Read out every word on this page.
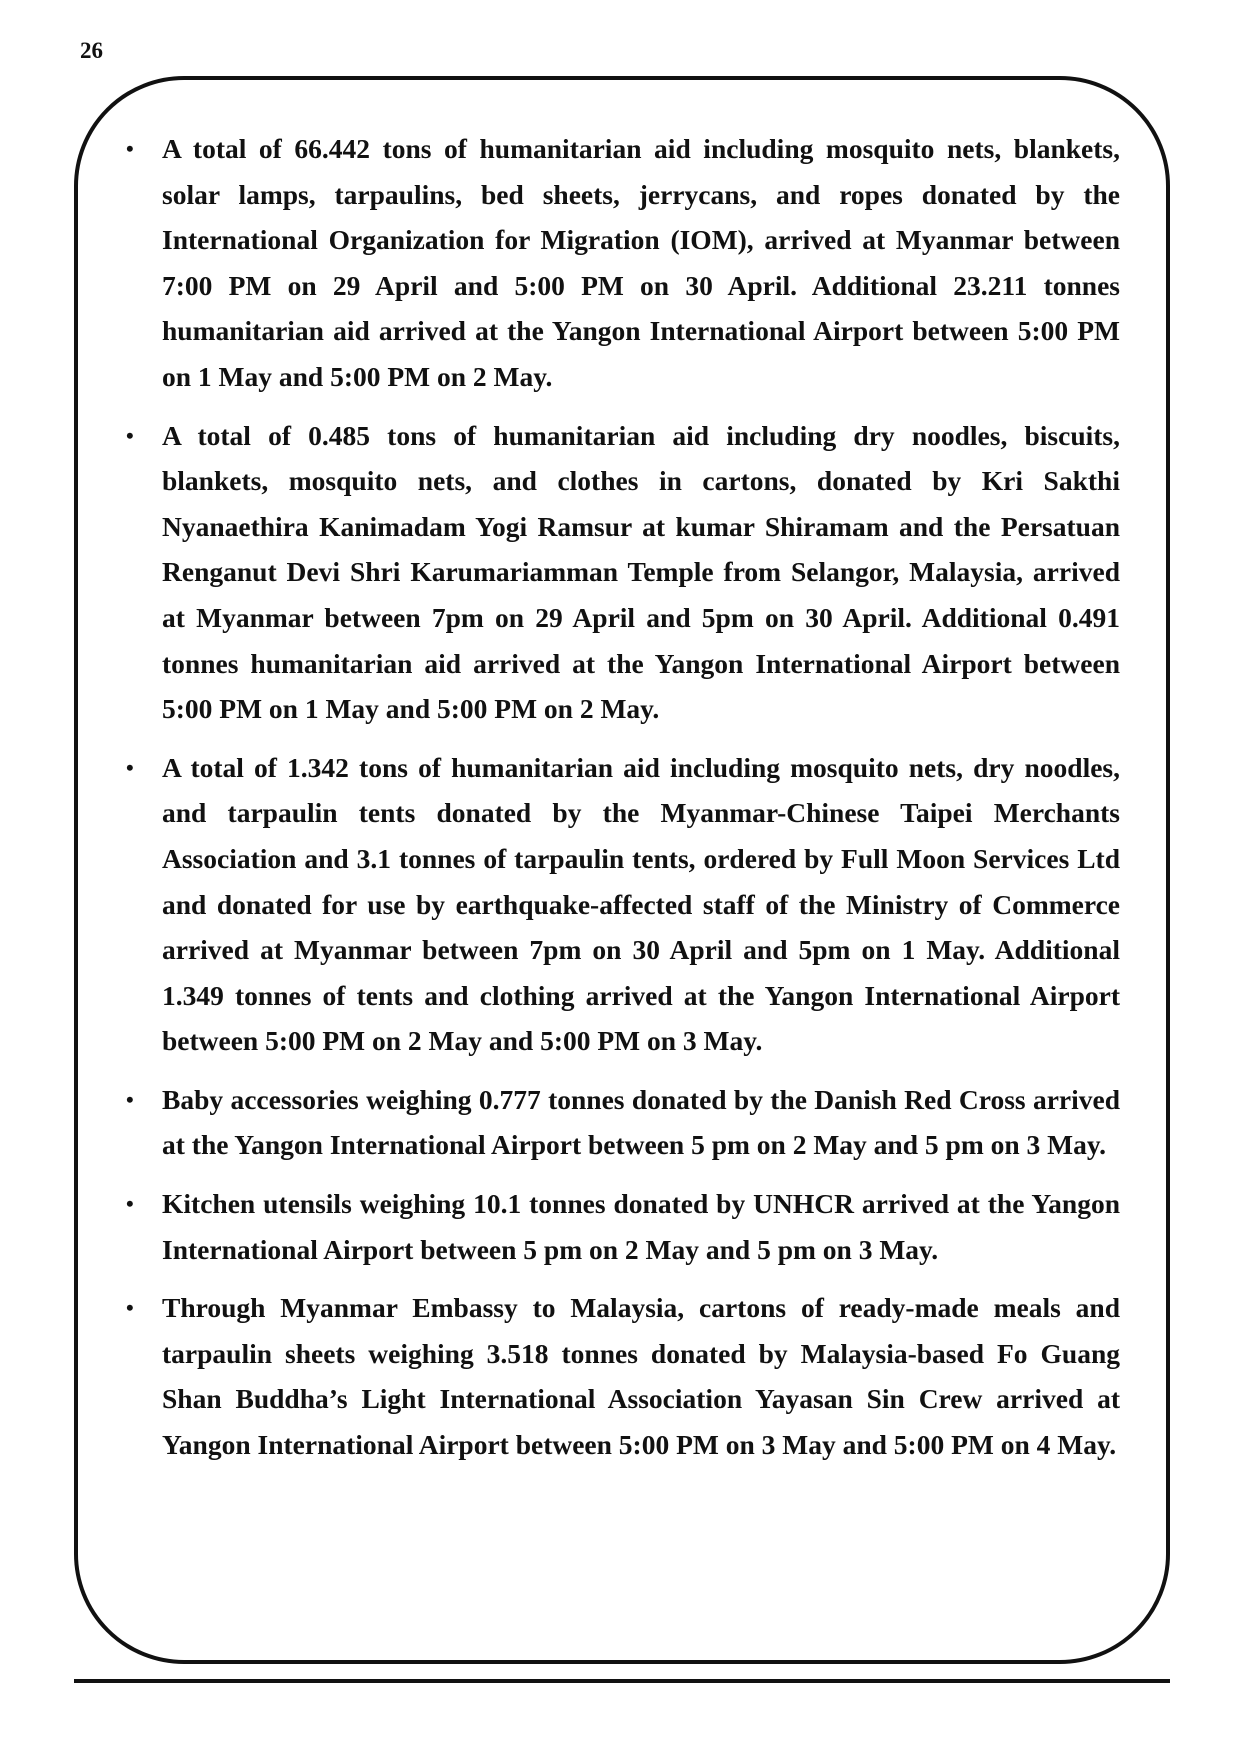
26
• A total of 66.442 tons of humanitarian aid including mosquito nets, blankets, solar lamps, tarpaulins, bed sheets, jerrycans, and ropes donated by the International Organization for Migration (IOM), arrived at Myanmar between 7:00 PM on 29 April and 5:00 PM on 30 April. Additional 23.211 tonnes humanitarian aid arrived at the Yangon International Airport between 5:00 PM on 1 May and 5:00 PM on 2 May.
• A total of 0.485 tons of humanitarian aid including dry noodles, biscuits, blankets, mosquito nets, and clothes in cartons, donated by Kri Sakthi Nyanaethira Kanimadam Yogi Ramsur at kumar Shiramam and the Persatuan Renganut Devi Shri Karumariamman Temple from Selangor, Malaysia, arrived at Myanmar between 7pm on 29 April and 5pm on 30 April. Additional 0.491 tonnes humanitarian aid arrived at the Yangon International Airport between 5:00 PM on 1 May and 5:00 PM on 2 May.
• A total of 1.342 tons of humanitarian aid including mosquito nets, dry noodles, and tarpaulin tents donated by the Myanmar-Chinese Taipei Merchants Association and 3.1 tonnes of tarpaulin tents, ordered by Full Moon Services Ltd and donated for use by earthquake-affected staff of the Ministry of Commerce arrived at Myanmar between 7pm on 30 April and 5pm on 1 May. Additional 1.349 tonnes of tents and clothing arrived at the Yangon International Airport between 5:00 PM on 2 May and 5:00 PM on 3 May.
• Baby accessories weighing 0.777 tonnes donated by the Danish Red Cross arrived at the Yangon International Airport between 5 pm on 2 May and 5 pm on 3 May.
• Kitchen utensils weighing 10.1 tonnes donated by UNHCR arrived at the Yangon International Airport between 5 pm on 2 May and 5 pm on 3 May.
• Through Myanmar Embassy to Malaysia, cartons of ready-made meals and tarpaulin sheets weighing 3.518 tonnes donated by Malaysia-based Fo Guang Shan Buddha’s Light International Association Yayasan Sin Crew arrived at Yangon International Airport between 5:00 PM on 3 May and 5:00 PM on 4 May.
